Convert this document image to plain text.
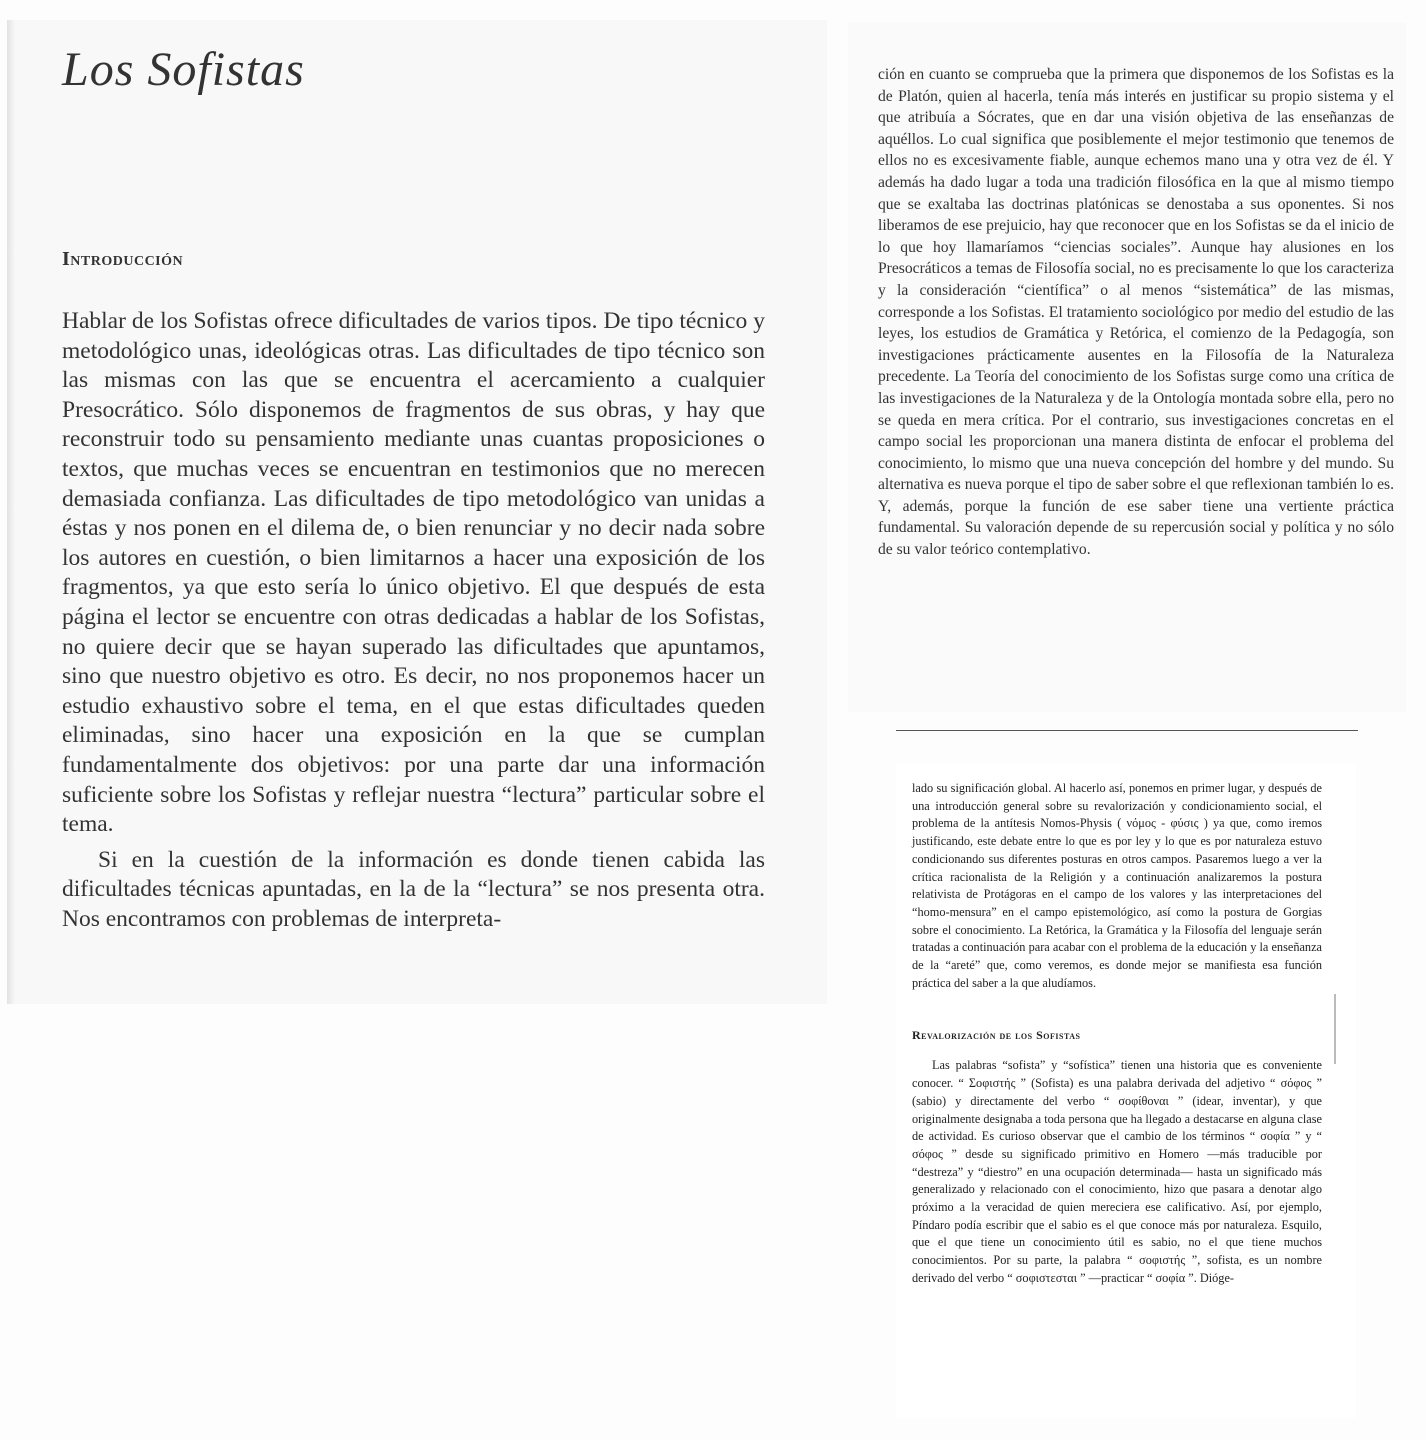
Los Sofistas
Introducción

Hablar de los Sofistas ofrece dificultades de varios tipos. De tipo técnico y metodológico unas, ideológicas otras. Las dificultades de tipo técnico son las mismas con las que se encuentra el acercamiento a cualquier Presocrático. Sólo disponemos de fragmentos de sus obras, y hay que reconstruir todo su pensamiento mediante unas cuantas proposiciones o textos, que muchas veces se encuentran en testimonios que no merecen demasiada confianza. Las dificultades de tipo metodológico van unidas a éstas y nos ponen en el dilema de, o bien renunciar y no decir nada sobre los autores en cuestión, o bien limitarnos a hacer una exposición de los fragmentos, ya que esto sería lo único objetivo. El que después de esta página el lector se encuentre con otras dedicadas a hablar de los Sofistas, no quiere decir que se hayan superado las dificultades que apuntamos, sino que nuestro objetivo es otro. Es decir, no nos proponemos hacer un estudio exhaustivo sobre el tema, en el que estas dificultades queden eliminadas, sino hacer una exposición en la que se cumplan fundamentalmente dos objetivos: por una parte dar una información suficiente sobre los Sofistas y reflejar nuestra “lectura” particular sobre el tema.

Si en la cuestión de la información es donde tienen cabida las dificultades técnicas apuntadas, en la de la “lectura” se nos presenta otra. Nos encontramos con problemas de interpreta-

ción en cuanto se comprueba que la primera que disponemos de los Sofistas es la de Platón, quien al hacerla, tenía más interés en justificar su propio sistema y el que atribuía a Sócrates, que en dar una visión objetiva de las enseñanzas de aquéllos. Lo cual significa que posiblemente el mejor testimonio que tenemos de ellos no es excesivamente fiable, aunque echemos mano una y otra vez de él. Y además ha dado lugar a toda una tradición filosófica en la que al mismo tiempo que se exaltaba las doctrinas platónicas se denostaba a sus oponentes. Si nos liberamos de ese prejuicio, hay que reconocer que en los Sofistas se da el inicio de lo que hoy llamaríamos “ciencias sociales”. Aunque hay alusiones en los Presocráticos a temas de Filosofía social, no es precisamente lo que los caracteriza y la consideración “científica” o al menos “sistemática” de las mismas, corresponde a los Sofistas. El tratamiento sociológico por medio del estudio de las leyes, los estudios de Gramática y Retórica, el comienzo de la Pedagogía, son investigaciones prácticamente ausentes en la Filosofía de la Naturaleza precedente. La Teoría del conocimiento de los Sofistas surge como una crítica de las investigaciones de la Naturaleza y de la Ontología montada sobre ella, pero no se queda en mera crítica. Por el contrario, sus investigaciones concretas en el campo social les proporcionan una manera distinta de enfocar el problema del conocimiento, lo mismo que una nueva concepción del hombre y del mundo. Su alternativa es nueva porque el tipo de saber sobre el que reflexionan también lo es. Y, además, porque la función de ese saber tiene una vertiente práctica fundamental. Su valoración depende de su repercusión social y política y no sólo de su valor teórico contemplativo.

lado su significación global. Al hacerlo así, ponemos en primer lugar, y después de una introducción general sobre su revalorización y condicionamiento social, el problema de la antítesis Nomos-Physis ( νόμος - φύσις ) ya que, como iremos justificando, este debate entre lo que es por ley y lo que es por naturaleza estuvo condicionando sus diferentes posturas en otros campos. Pasaremos luego a ver la crítica racionalista de la Religión y a continuación analizaremos la postura relativista de Protágoras en el campo de los valores y las interpretaciones del “homo-mensura” en el campo epistemológico, así como la postura de Gorgias sobre el conocimiento. La Retórica, la Gramática y la Filosofía del lenguaje serán tratadas a continuación para acabar con el problema de la educación y la enseñanza de la “areté” que, como veremos, es donde mejor se manifiesta esa función práctica del saber a la que aludíamos.

Revalorización de los Sofistas

Las palabras “sofista” y “sofística” tienen una historia que es conveniente conocer. “ Σοφιστής ” (Sofista) es una palabra derivada del adjetivo “ σόφος ” (sabio) y directamente del verbo “ σοφίθοναι ” (idear, inventar), y que originalmente designaba a toda persona que ha llegado a destacarse en alguna clase de actividad. Es curioso observar que el cambio de los términos “ σοφία ” y “ σόφος ” desde su significado primitivo en Homero —más traducible por “destreza” y “diestro” en una ocupación determinada— hasta un significado más generalizado y relacionado con el conocimiento, hizo que pasara a denotar algo próximo a la veracidad de quien mereciera ese calificativo. Así, por ejemplo, Píndaro podía escribir que el sabio es el que conoce más por naturaleza. Esquilo, que el que tiene un conocimiento útil es sabio, no el que tiene muchos conocimientos. Por su parte, la palabra “ σοφιστής ”, sofista, es un nombre derivado del verbo “ σοφιστεσται ” —practicar “ σοφία ”. Dióge-
